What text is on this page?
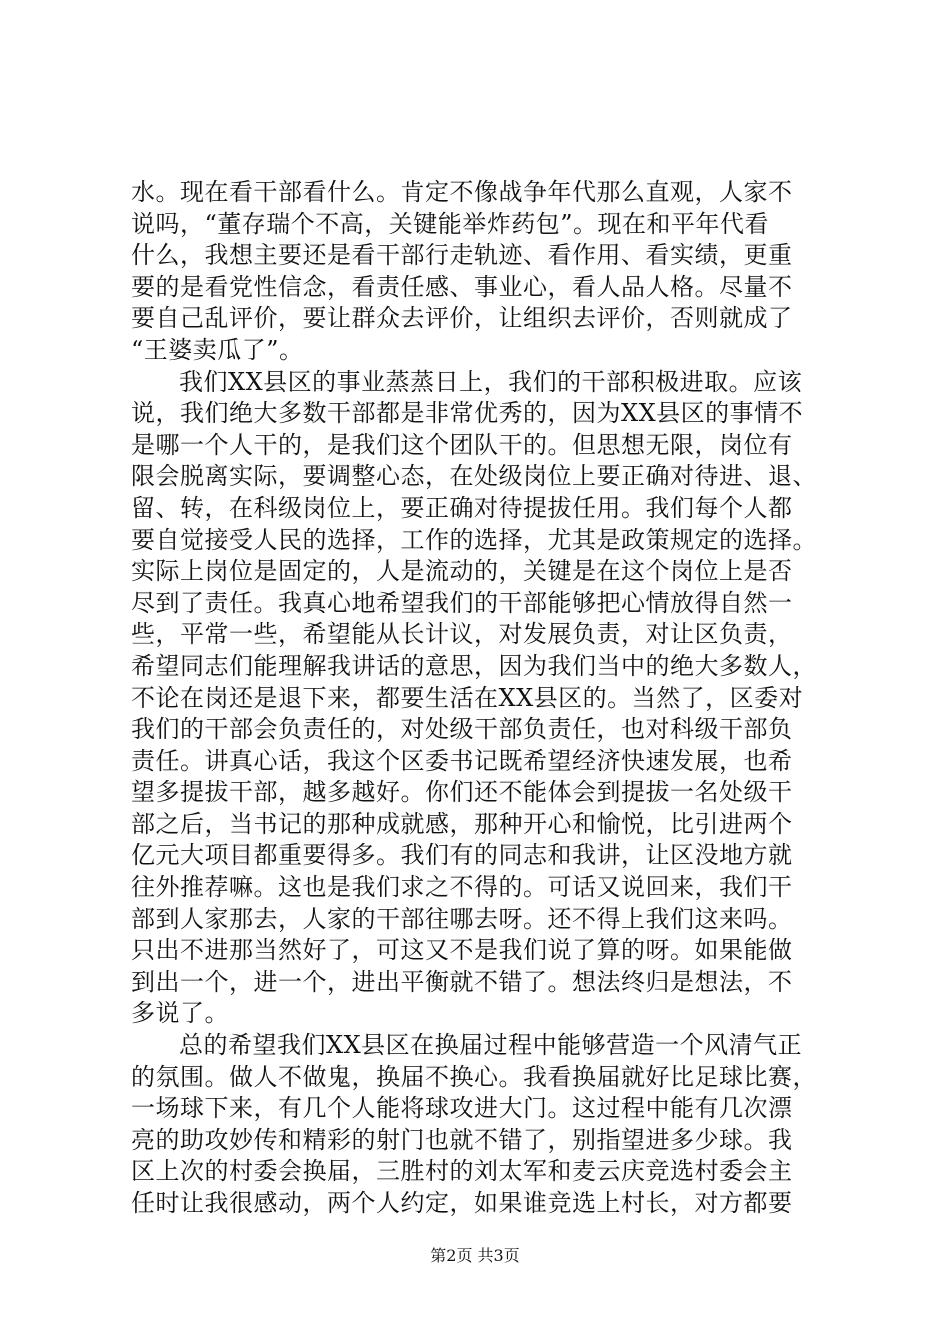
水。现在看干部看什么。肯定不像战争年代那么直观，人家不
说吗，“董存瑞个不高，关键能举炸药包”。现在和平年代看
什么，我想主要还是看干部行走轨迹、看作用、看实绩，更重
要的是看党性信念，看责任感、事业心，看人品人格。尽量不
要自己乱评价，要让群众去评价，让组织去评价，否则就成了
“王婆卖瓜了”。
我们XX县区的事业蒸蒸日上，我们的干部积极进取。应该
说，我们绝大多数干部都是非常优秀的，因为XX县区的事情不
是哪一个人干的，是我们这个团队干的。但思想无限，岗位有
限会脱离实际，要调整心态，在处级岗位上要正确对待进、退、
留、转，在科级岗位上，要正确对待提拔任用。我们每个人都
要自觉接受人民的选择，工作的选择，尤其是政策规定的选择。
实际上岗位是固定的，人是流动的，关键是在这个岗位上是否
尽到了责任。我真心地希望我们的干部能够把心情放得自然一
些，平常一些，希望能从长计议，对发展负责，对让区负责，
希望同志们能理解我讲话的意思，因为我们当中的绝大多数人，
不论在岗还是退下来，都要生活在XX县区的。当然了，区委对
我们的干部会负责任的，对处级干部负责任，也对科级干部负
责任。讲真心话，我这个区委书记既希望经济快速发展，也希
望多提拔干部，越多越好。你们还不能体会到提拔一名处级干
部之后，当书记的那种成就感，那种开心和愉悦，比引进两个
亿元大项目都重要得多。我们有的同志和我讲，让区没地方就
往外推荐嘛。这也是我们求之不得的。可话又说回来，我们干
部到人家那去，人家的干部往哪去呀。还不得上我们这来吗。
只出不进那当然好了，可这又不是我们说了算的呀。如果能做
到出一个，进一个，进出平衡就不错了。想法终归是想法，不
多说了。
总的希望我们XX县区在换届过程中能够营造一个风清气正
的氛围。做人不做鬼，换届不换心。我看换届就好比足球比赛，
一场球下来，有几个人能将球攻进大门。这过程中能有几次漂
亮的助攻妙传和精彩的射门也就不错了，别指望进多少球。我
区上次的村委会换届，三胜村的刘太军和麦云庆竞选村委会主
任时让我很感动，两个人约定，如果谁竞选上村长，对方都要
第2页 共3页
